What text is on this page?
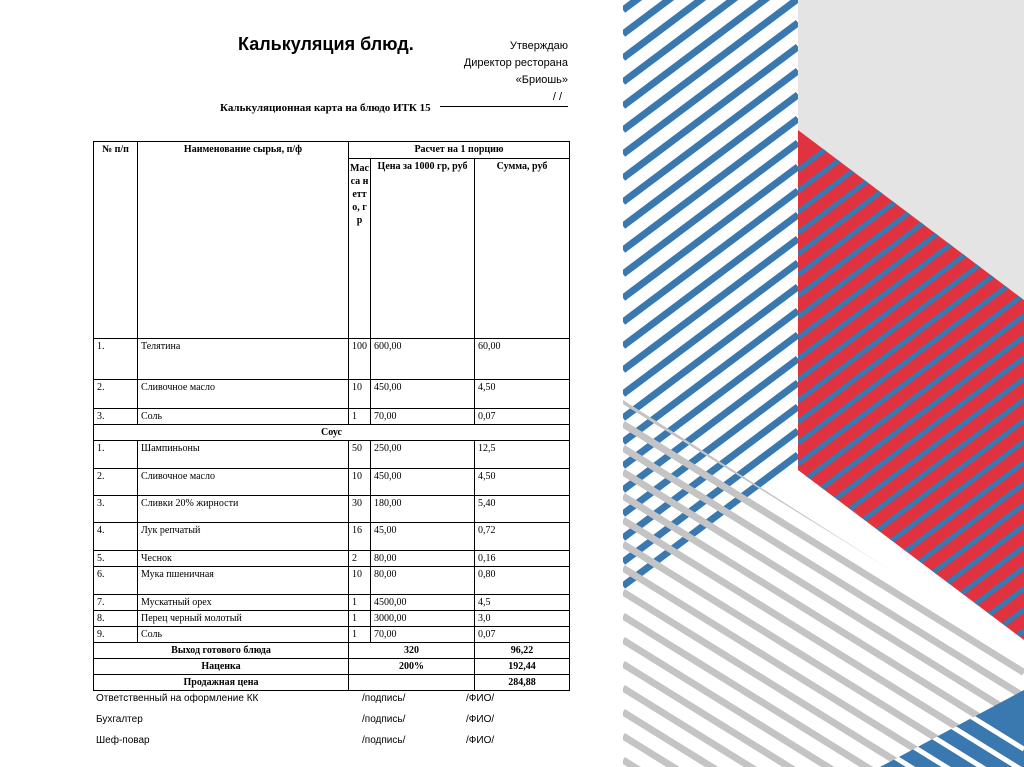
Калькуляция блюд.	Утверждаю
Директор ресторана
«Бриошь»
/ /
Калькуляционная карта на блюдо ИТК 15
№ п/п	Наименование сырья, п/ф	Расчет на 1 порцию		
		Масса нетто, гр	Цена за 1000 гр, руб	Сумма, руб
1.	Телятина	100	600,00	60,00
2.	Сливочное масло	10	450,00	4,50
3.	Соль	1	70,00	0,07
Соус				
1.	Шампиньоны	50	250,00	12,5
2.	Сливочное масло	10	450,00	4,50
3.	Сливки 20% жирности	30	180,00	5,40
4.	Лук репчатый	16	45,00	0,72
5.	Чеснок	2	80,00	0,16
6.	Мука пшеничная	10	80,00	0,80
7.	Мускатный орех	1	4500,00	4,5
8.	Перец черный молотый	1	3000,00	3,0
9.	Соль	1	70,00	0,07
Выход готового блюда		320		96,22
Наценка		200%		192,44
Продажная цена				284,88
Ответственный на оформление КК	/подпись/	/ФИО/
Бухгалтер	/подпись/	/ФИО/
Шеф-повар	/подпись/	/ФИО/
